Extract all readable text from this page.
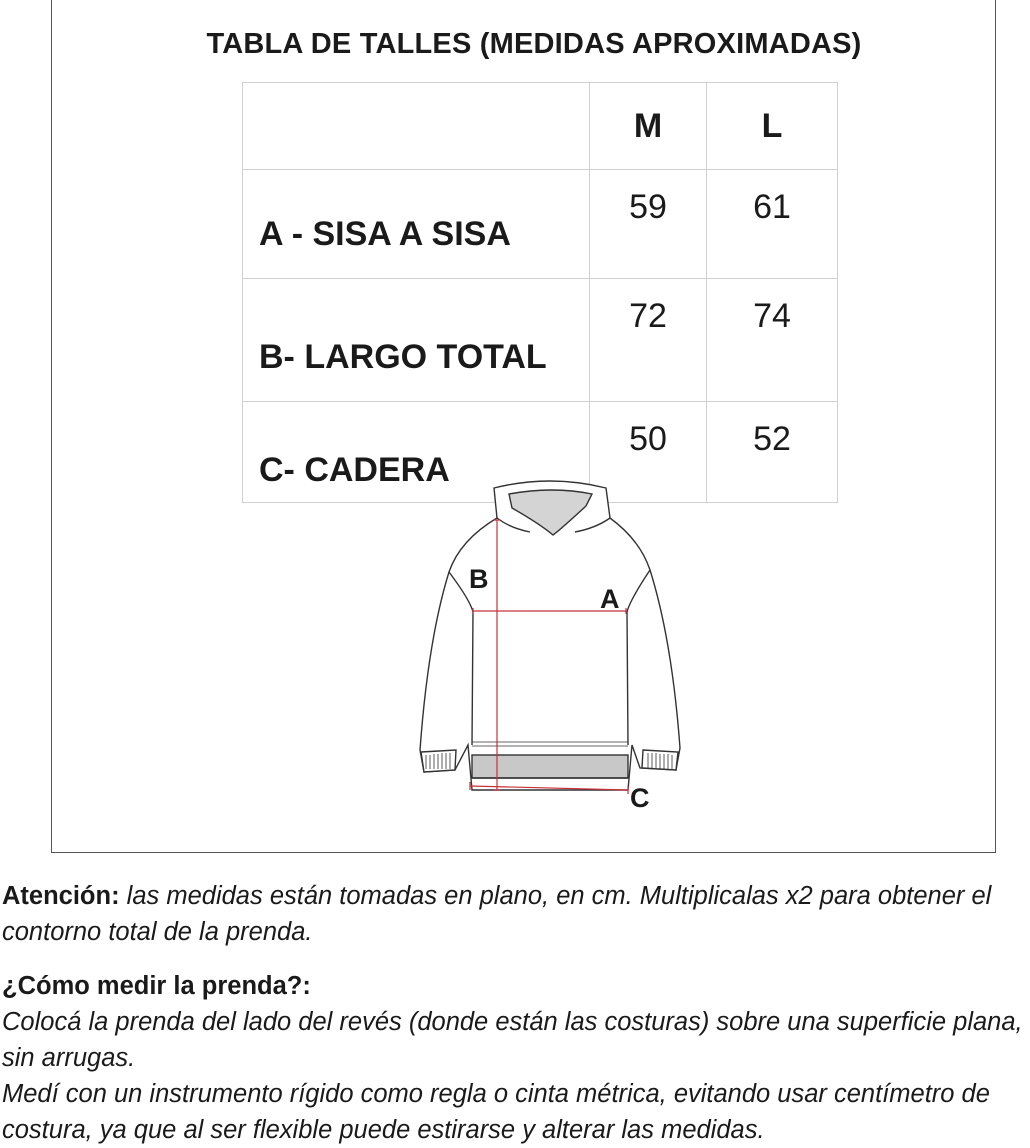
TABLA DE TALLES (MEDIDAS APROXIMADAS)
	M	L
A - SISA A SISA	59	61
B- LARGO TOTAL	72	74
C- CADERA	50	52
B
A
C

Atención: las medidas están tomadas en plano, en cm. Multiplicalas x2 para obtener el contorno total de la prenda.

¿Cómo medir la prenda?:

Colocá la prenda del lado del revés (donde están las costuras) sobre una superficie plana, sin arrugas.

Medí con un instrumento rígido como regla o cinta métrica, evitando usar centímetro de costura, ya que al ser flexible puede estirarse y alterar las medidas.
